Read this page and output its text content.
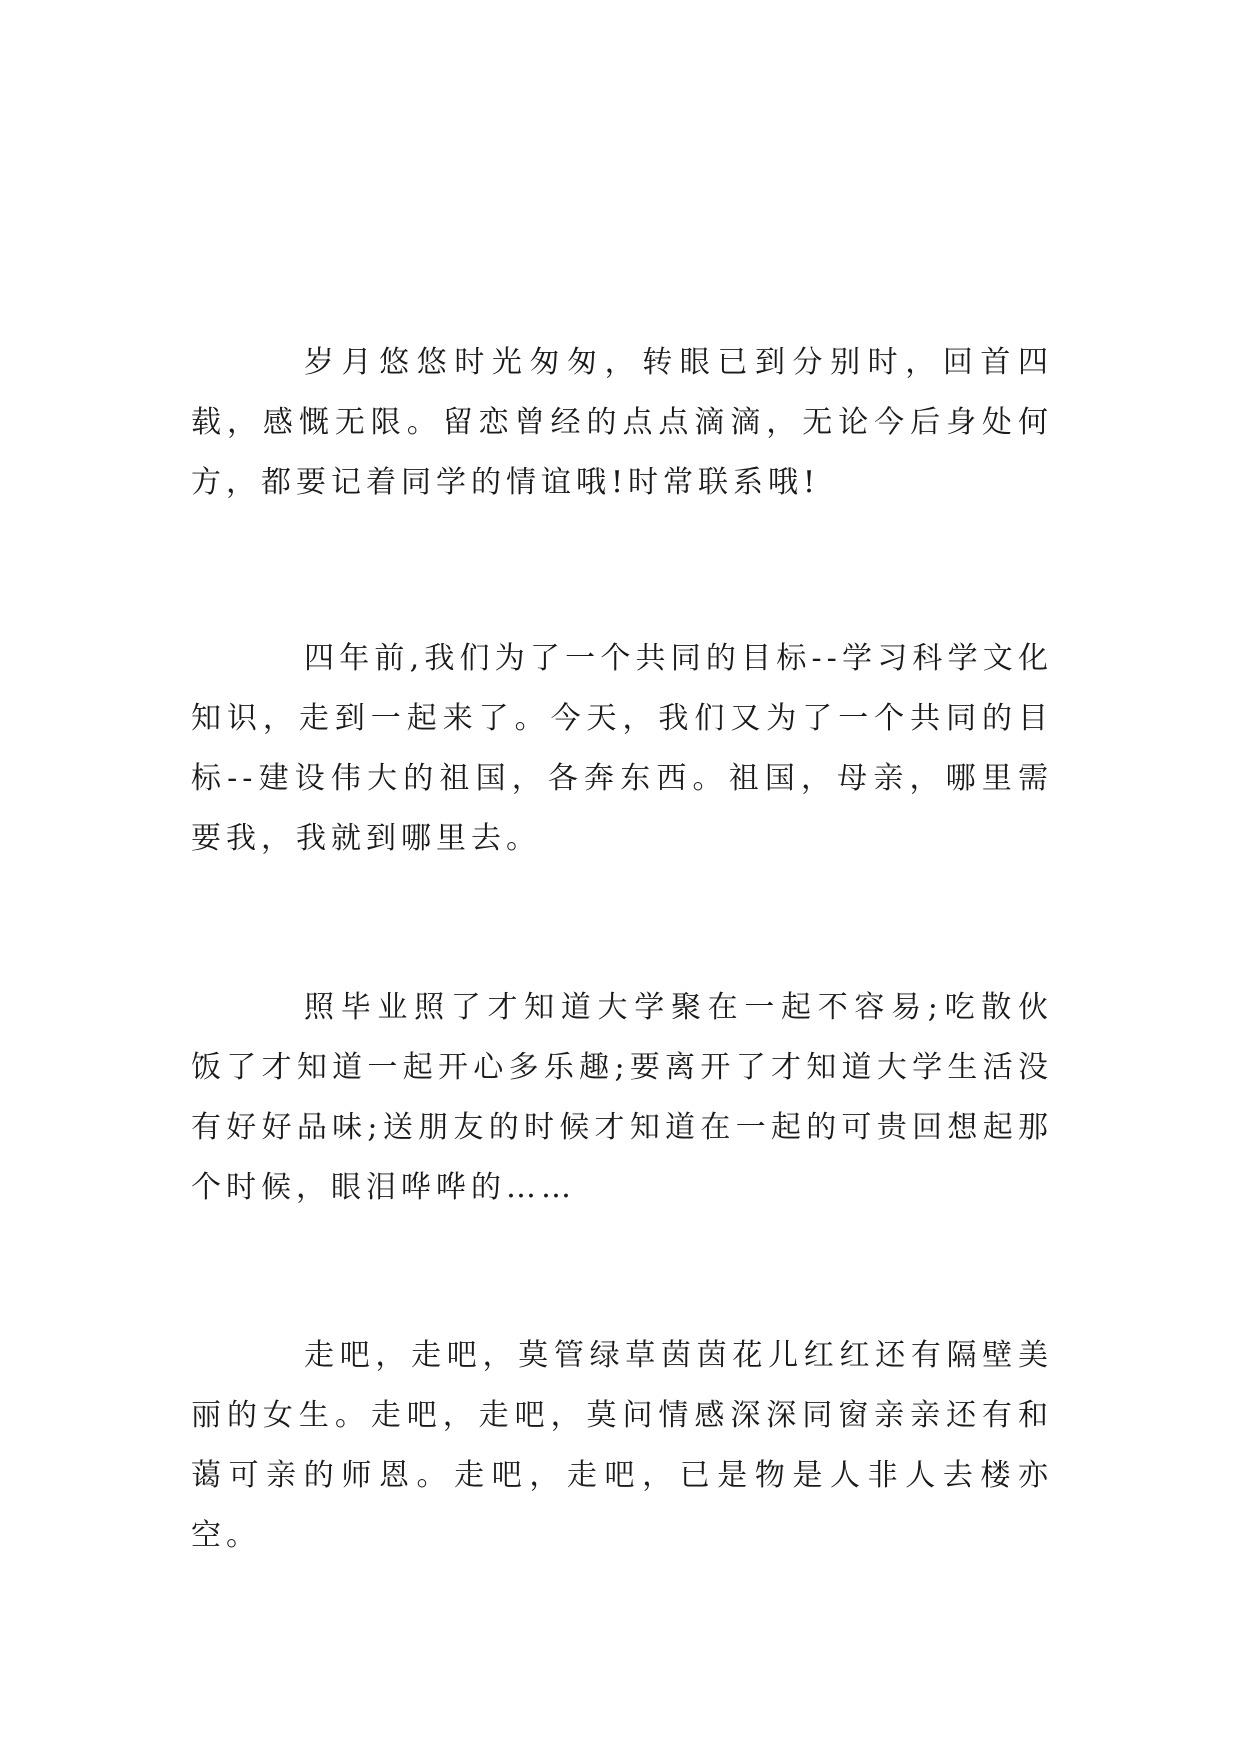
岁月悠悠时光匆匆，转眼已到分别时，回首四载，感慨无限。留恋曾经的点点滴滴，无论今后身处何方，都要记着同学的情谊哦!时常联系哦!

四年前,我们为了一个共同的目标--学习科学文化知识，走到一起来了。今天，我们又为了一个共同的目标--建设伟大的祖国，各奔东西。祖国，母亲，哪里需要我，我就到哪里去。

照毕业照了才知道大学聚在一起不容易;吃散伙饭了才知道一起开心多乐趣;要离开了才知道大学生活没有好好品味;送朋友的时候才知道在一起的可贵回想起那个时候，眼泪哗哗的……

走吧，走吧，莫管绿草茵茵花儿红红还有隔壁美丽的女生。走吧，走吧，莫问情感深深同窗亲亲还有和蔼可亲的师恩。走吧，走吧，已是物是人非人去楼亦空。
